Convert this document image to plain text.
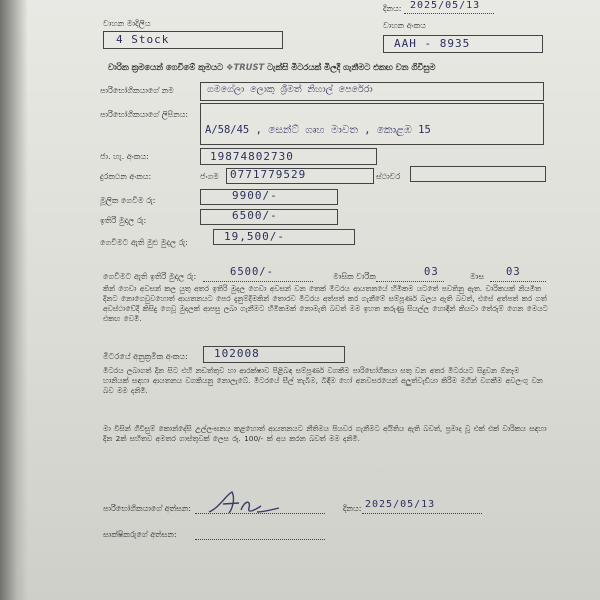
දිනය: 2025/05/13
වාහන මාදිලිය
4 Stock
වාහන අංකය
AAH - 8935
වාරික ක්‍රමයෙන් ගෙවීමේ කුමයට ❖TRUST ටැක්සි මීටරයක් මිලදී ගැනීමට එකඟ වන ගිවිසුම
පාරිභෝගිකයාගේ නම	ගමගේලා ලොකු ශ්‍රීමත් නිහාල් පෙරේරා
පාරිභෝගිකයාගේ ලිපිනය:
A/58/45 , සෙන්ට් ගෘහ මාවත , කොළඹ 15
ජා. හැ. අංකය:	19874802730
දුරකථන අංකය:	ජංගම 0771779529	ස්ථාවර
මූලික ගෙවීම රු:	9900/-
ඉතිරි මුදල රු:	6500/-
ගෙවීමට ඇති මුළු මුදල රු:	19,500/-
ගෙවීමට ඇති ඉතිරි මුදල රු:	6500/-	මාසික වාරික	03	මාස 03
කින් ගෙවා අවසන් කල යුතු අතර ඉතිරි මුදල ගෙවා අවසන් වන තෙක් මීටරය ආයතනයේ හිමිකම යටතේ පවතිනු ඇත. වාරිකයක් නියමිත දිනට නොගෙවුවහොත් ආයතනයට පෙර දැනුම්දීමකින් තොරව මීටරය අත්පත් කර ගැනීමේ සම්පූර්ණ බලය ඇති බවත්, එසේ අත්පත් කර ගත් අවස්ථාවේදී කිසිදු ගෙවූ මුදලක් ආපසු ලබා ගැනීමට හිමිකමක් නොමැති බවත් මම ඉහත කරුණු සියල්ල හොඳින් කියවා තේරුම් ගෙන මෙයට එකඟ වෙමි.
මීටරයේ අනුක්‍රමික අංකය: 102008
මීටරය ලබාගත් දින සිට එහි නඩත්තුව හා ආරක්ෂාව පිළිබඳ සම්පූර්ණ වගකීම පාරිභෝගිකයා සතු වන අතර මීටරයට සිදුවන ඕනෑම හානියක් සඳහා ආයතනය වගකියනු නොලැබේ. මීටරයේ සීල් තැබීම, බිඳීම හෝ අනවසරයෙන් අලුත්වැඩියා කිරීම මගින් වගකීම අවලංගු වන බව මම දනිමි.
මා විසින් ගිවිසුම් කොන්දේසි උල්ලංඝනය කළහොත් ආයතනයට නීතිමය පියවර ගැනීමට අයිතිය ඇති බවත්, ප්‍රමාද වූ එක් එක් වාරිකය සඳහා දින 2ක් සහිතව අමතර ගාස්තුවක් ලෙස රු. 100/- ක් අය කරන බවත් මම දනිමි.
පාරිභෝගිකයාගේ අත්සන:	දිනය: 2025/05/13
සාක්ෂිකරුගේ අත්සන:
